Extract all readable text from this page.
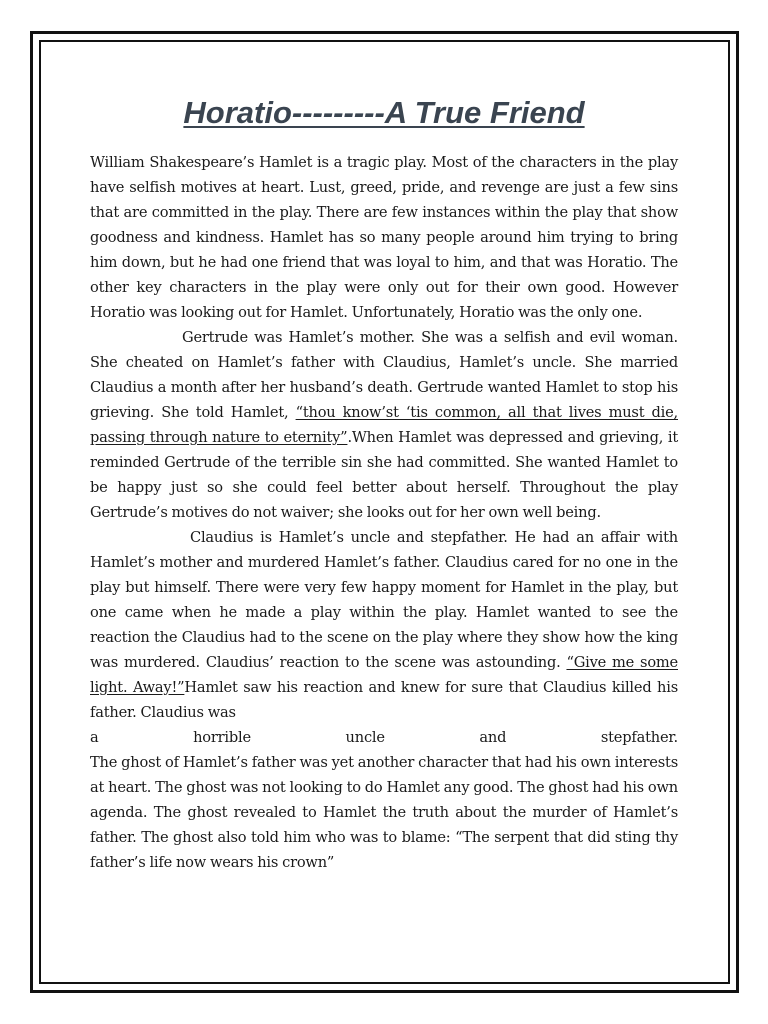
Horatio---------A True Friend

William Shakespeare’s Hamlet is a tragic play. Most of the characters in the play have selfish motives at heart. Lust, greed, pride, and revenge are just a few sins that are committed in the play. There are few instances within the play that show goodness and kindness. Hamlet has so many people around him trying to bring him down, but he had one friend that was loyal to him, and that was Horatio. The other key characters in the play were only out for their own good. However Horatio was looking out for Hamlet. Unfortunately, Horatio was the only one.

Gertrude was Hamlet’s mother. She was a selfish and evil woman. She cheated on Hamlet’s father with Claudius, Hamlet’s uncle. She married Claudius a month after her husband’s death. Gertrude wanted Hamlet to stop his grieving. She told Hamlet, “thou know’st ‘tis common, all that lives must die, passing through nature to eternity”.When Hamlet was depressed and grieving, it reminded Gertrude of the terrible sin she had committed. She wanted Hamlet to be happy just so she could feel better about herself. Throughout the play Gertrude’s motives do not waiver; she looks out for her own well being.

Claudius is Hamlet’s uncle and stepfather. He had an affair with Hamlet’s mother and murdered Hamlet’s father. Claudius cared for no one in the play but himself. There were very few happy moment for Hamlet in the play, but one came when he made a play within the play. Hamlet wanted to see the reaction the Claudius had to the scene on the play where they show how the king was murdered. Claudius’ reaction to the scene was astounding. “Give me some light. Away!”Hamlet saw his reaction and knew for sure that Claudius killed his father. Claudius was

a horrible uncle and stepfather.

The ghost of Hamlet’s father was yet another character that had his own interests at heart. The ghost was not looking to do Hamlet any good. The ghost had his own agenda. The ghost revealed to Hamlet the truth about the murder of Hamlet’s father. The ghost also told him who was to blame: “The serpent that did sting thy father’s life now wears his crown”
